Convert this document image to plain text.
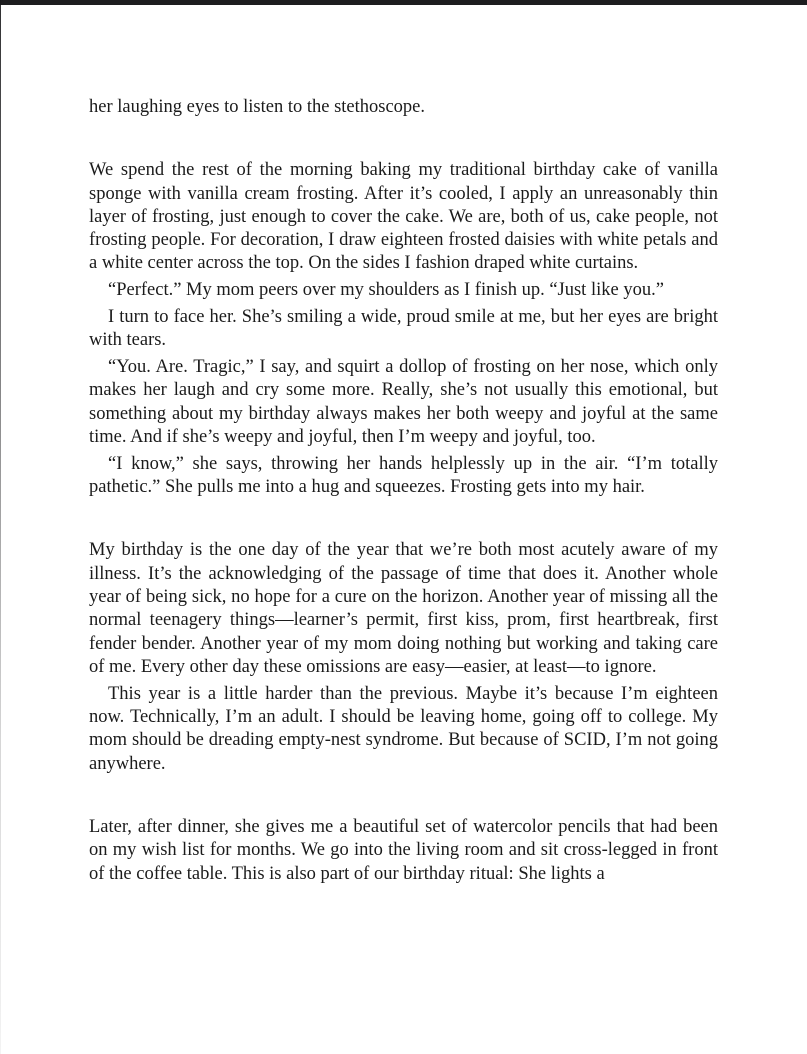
her laughing eyes to listen to the stethoscope.

We spend the rest of the morning baking my traditional birthday cake of vanilla sponge with vanilla cream frosting. After it’s cooled, I apply an unreasonably thin layer of frosting, just enough to cover the cake. We are, both of us, cake people, not frosting people. For decoration, I draw eighteen frosted daisies with white petals and a white center across the top. On the sides I fashion draped white curtains.

“Perfect.” My mom peers over my shoulders as I finish up. “Just like you.”

I turn to face her. She’s smiling a wide, proud smile at me, but her eyes are bright with tears.

“You. Are. Tragic,” I say, and squirt a dollop of frosting on her nose, which only makes her laugh and cry some more. Really, she’s not usually this emotional, but something about my birthday always makes her both weepy and joyful at the same time. And if she’s weepy and joyful, then I’m weepy and joyful, too.

“I know,” she says, throwing her hands helplessly up in the air. “I’m totally pathetic.” She pulls me into a hug and squeezes. Frosting gets into my hair.

My birthday is the one day of the year that we’re both most acutely aware of my illness. It’s the acknowledging of the passage of time that does it. Another whole year of being sick, no hope for a cure on the horizon. Another year of missing all the normal teenagery things—learner’s permit, first kiss, prom, first heartbreak, first fender bender. Another year of my mom doing nothing but working and taking care of me. Every other day these omissions are easy—easier, at least—to ignore.

This year is a little harder than the previous. Maybe it’s because I’m eighteen now. Technically, I’m an adult. I should be leaving home, going off to college. My mom should be dreading empty-nest syndrome. But because of SCID, I’m not going anywhere.

Later, after dinner, she gives me a beautiful set of watercolor pencils that had been on my wish list for months. We go into the living room and sit cross-legged in front of the coffee table. This is also part of our birthday ritual: She lights a
